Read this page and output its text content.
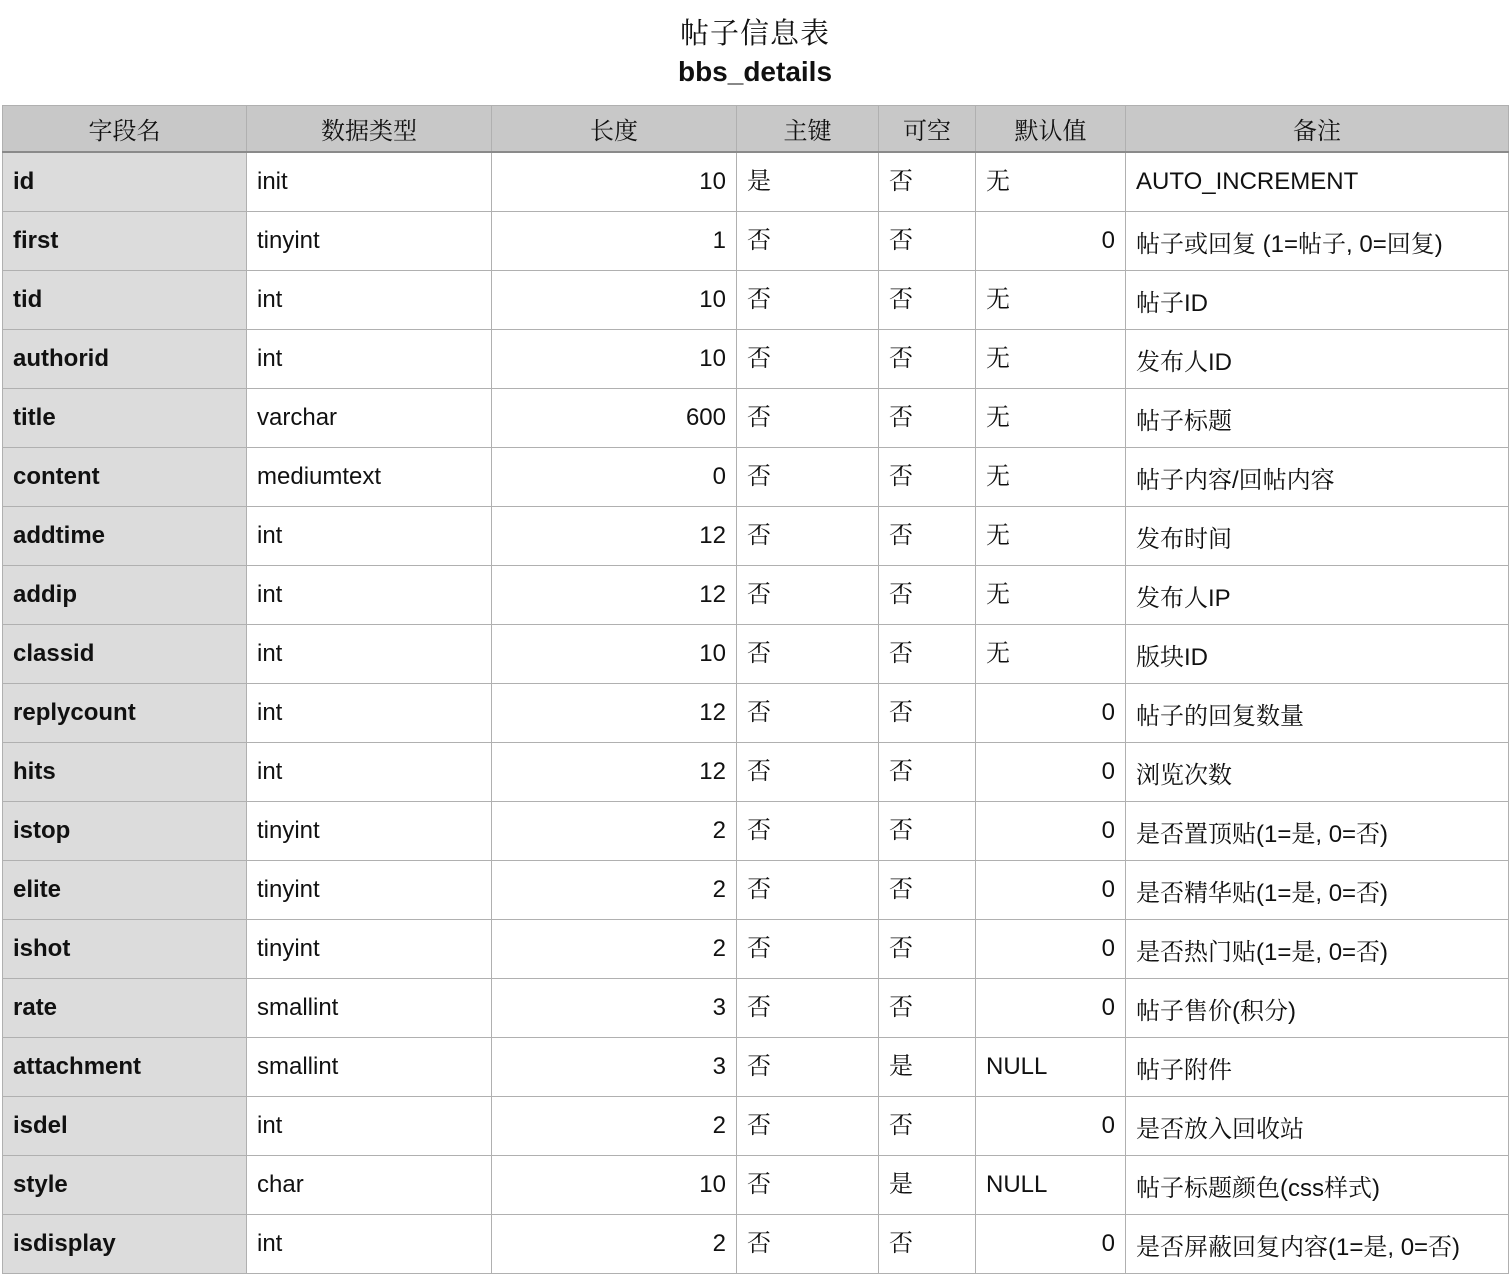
帖子信息表
bbs_details
字段名	数据类型	长度	主键	可空	默认值	备注
id	init	10	是	否	无	AUTO_INCREMENT
first	tinyint	1	否	否	0	帖子或回复 (1=帖子, 0=回复)
tid	int	10	否	否	无	帖子ID
authorid	int	10	否	否	无	发布人ID
title	varchar	600	否	否	无	帖子标题
content	mediumtext	0	否	否	无	帖子内容/回帖内容
addtime	int	12	否	否	无	发布时间
addip	int	12	否	否	无	发布人IP
classid	int	10	否	否	无	版块ID
replycount	int	12	否	否	0	帖子的回复数量
hits	int	12	否	否	0	浏览次数
istop	tinyint	2	否	否	0	是否置顶贴(1=是, 0=否)
elite	tinyint	2	否	否	0	是否精华贴(1=是, 0=否)
ishot	tinyint	2	否	否	0	是否热门贴(1=是, 0=否)
rate	smallint	3	否	否	0	帖子售价(积分)
attachment	smallint	3	否	是	NULL	帖子附件
isdel	int	2	否	否	0	是否放入回收站
style	char	10	否	是	NULL	帖子标题颜色(css样式)
isdisplay	int	2	否	否	0	是否屏蔽回复内容(1=是, 0=否)
